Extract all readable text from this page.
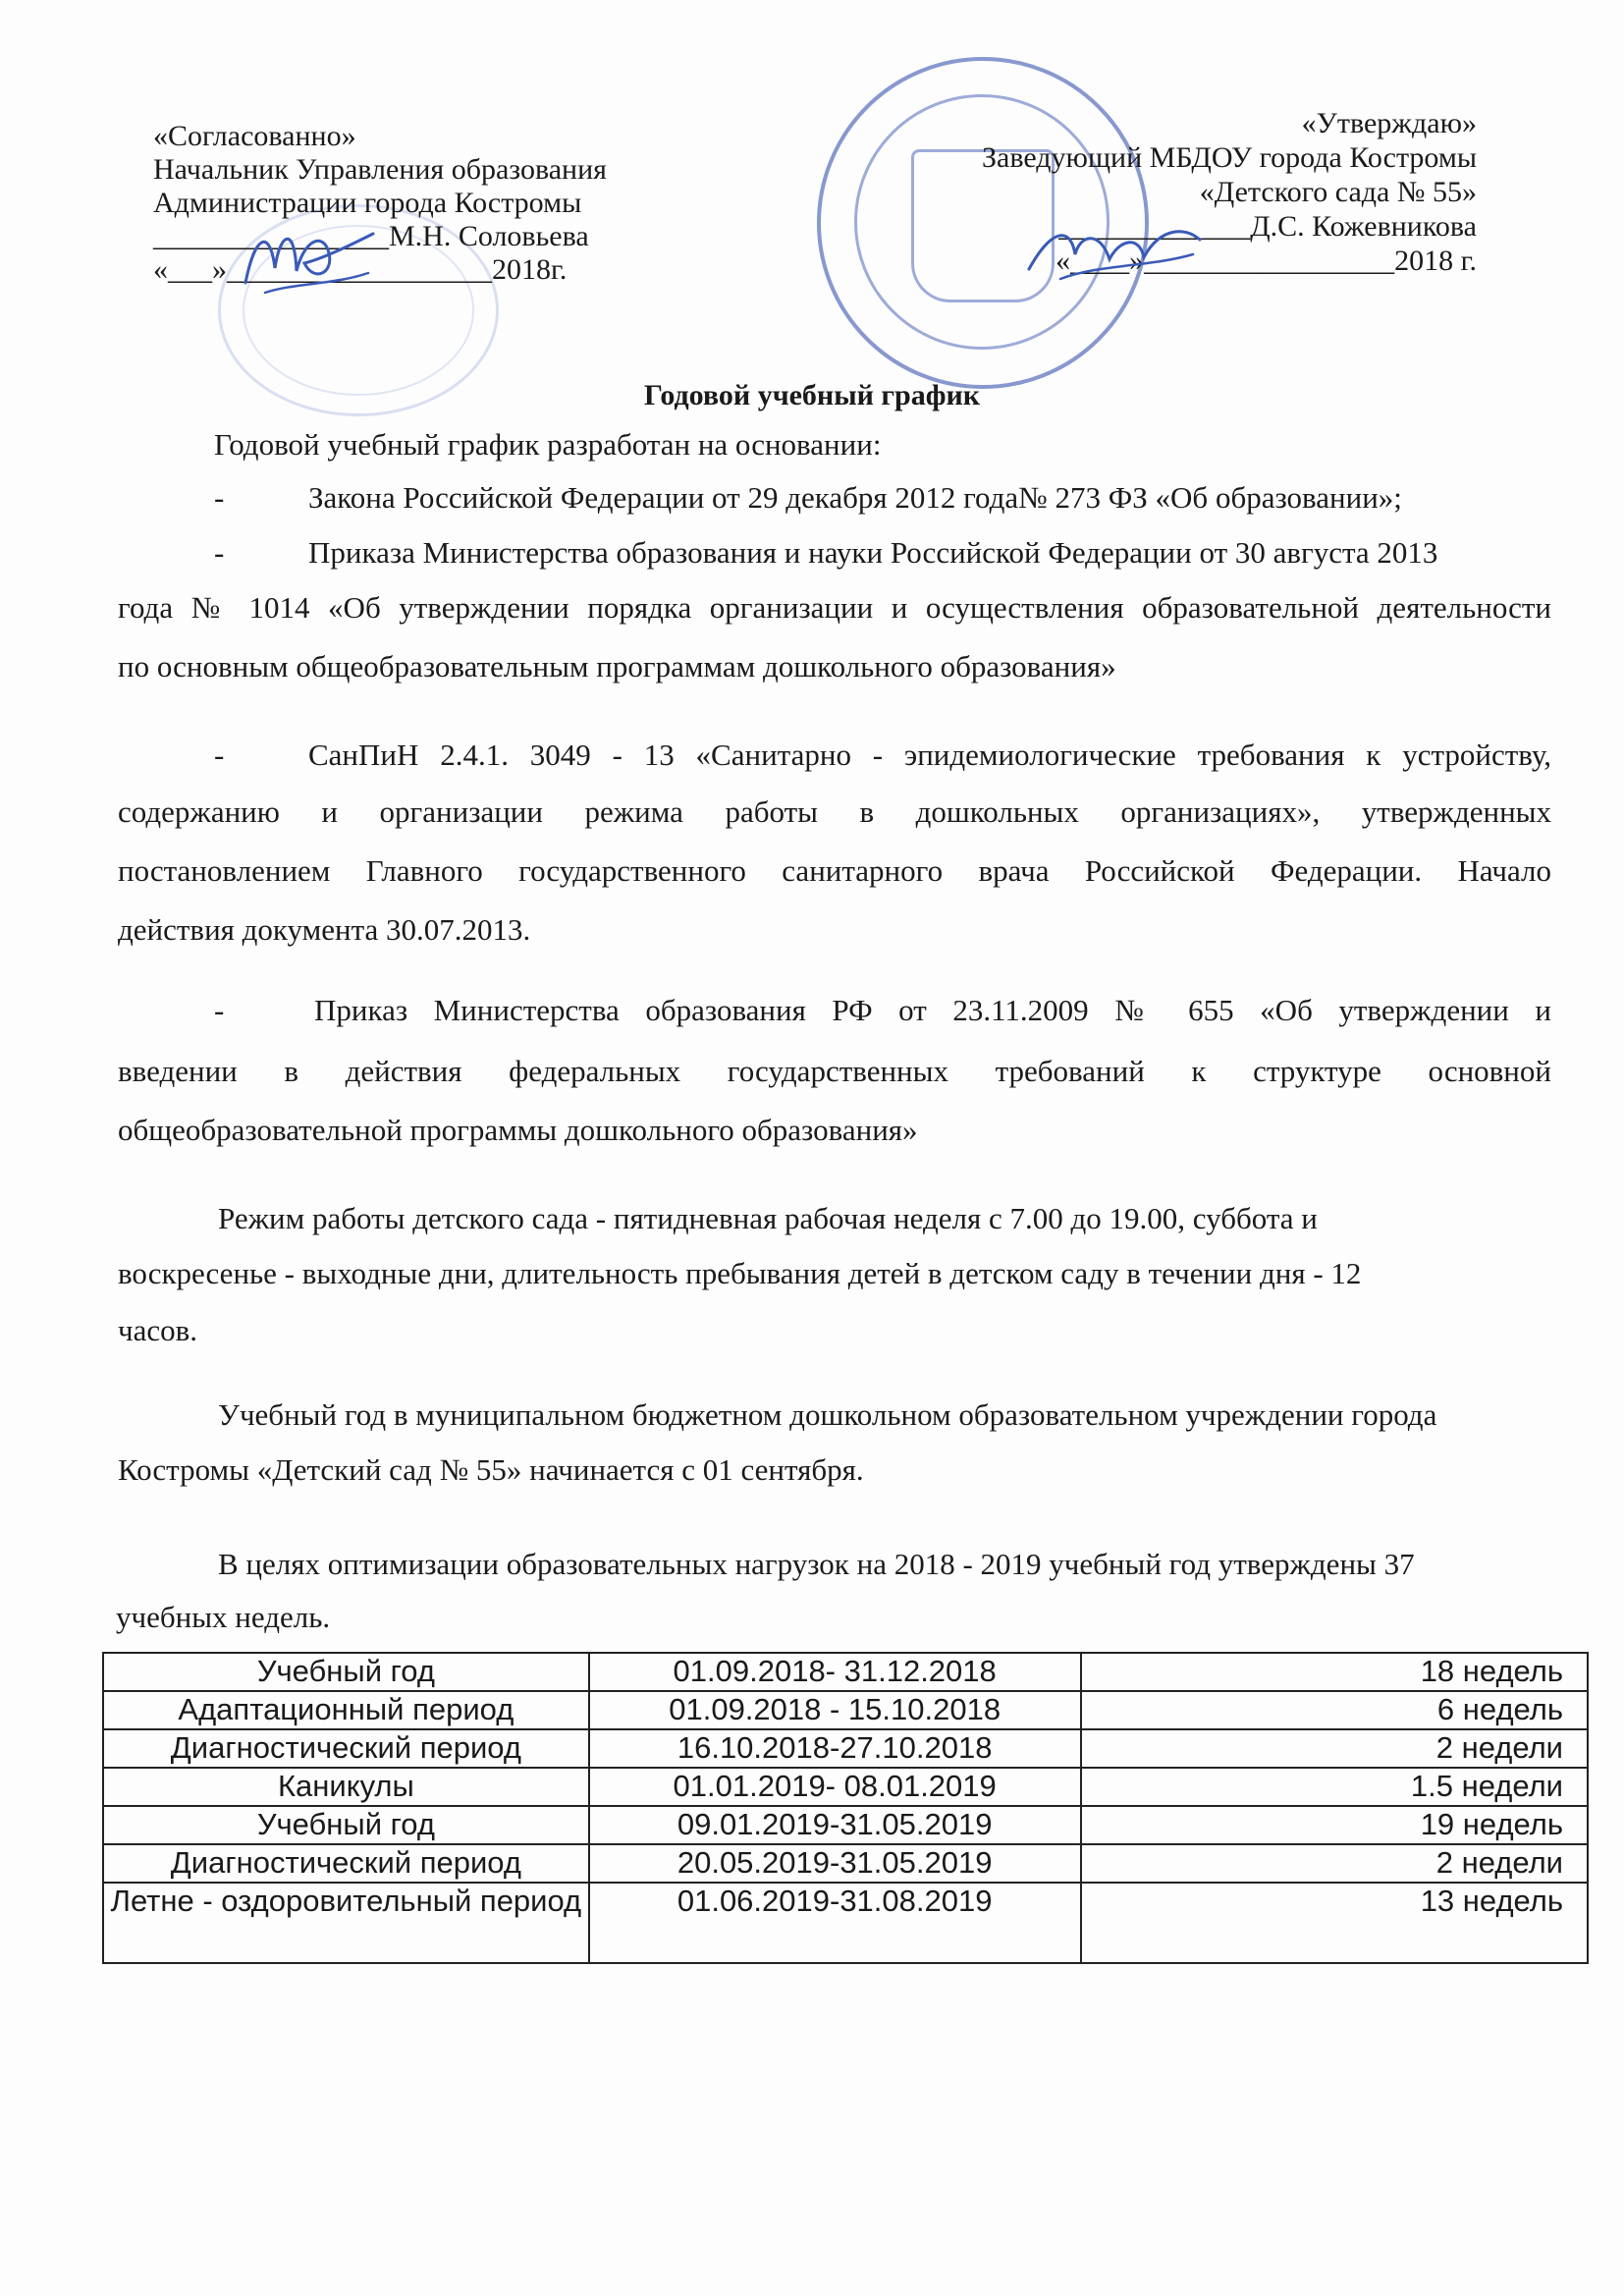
«Согласованно»
Начальник Управления образования
Администрации города Костромы
________________М.Н. Соловьева
«___»__________________2018г.
«Утверждаю»
Заведующий МБДОУ города Костромы
«Детского сада № 55»
_____________Д.С. Кожевникова
«____»_________________2018 г.
Годовой учебный график
Годовой учебный график разработан на основании:
-	Закона Российской Федерации от 29 декабря 2012 года№ 273 ФЗ «Об образовании»;
-	Приказа Министерства образования и науки Российской Федерации от 30 августа 2013
года № 1014 «Об утверждении порядка организации и осуществления образовательной деятельности
по основным общеобразовательным программам дошкольного образования»
-	СанПиН 2.4.1. 3049 - 13 «Санитарно - эпидемиологические требования к устройству,
содержанию и организации режима работы в дошкольных организациях», утвержденных
постановлением Главного государственного санитарного врача Российской Федерации. Начало
действия документа 30.07.2013.
-	Приказ Министерства образования РФ от 23.11.2009 № 655 «Об утверждении и
введении в действия федеральных государственных требований к структуре основной
общеобразовательной программы дошкольного образования»
Режим работы детского сада - пятидневная рабочая неделя с 7.00 до 19.00, суббота и
воскресенье - выходные дни, длительность пребывания детей в детском саду в течении дня - 12
часов.
Учебный год в муниципальном бюджетном дошкольном образовательном учреждении города
Костромы «Детский сад № 55» начинается с 01 сентября.
В целях оптимизации образовательных нагрузок на 2018 - 2019 учебный год утверждены 37
учебных недель.
Учебный год	01.09.2018- 31.12.2018	18 недель
Адаптационный период	01.09.2018 - 15.10.2018	6 недель
Диагностический период	16.10.2018-27.10.2018	2 недели
Каникулы	01.01.2019- 08.01.2019	1.5 недели
Учебный год	09.01.2019-31.05.2019	19 недель
Диагностический период	20.05.2019-31.05.2019	2 недели
Летне - оздоровительный период	01.06.2019-31.08.2019	13 недель
